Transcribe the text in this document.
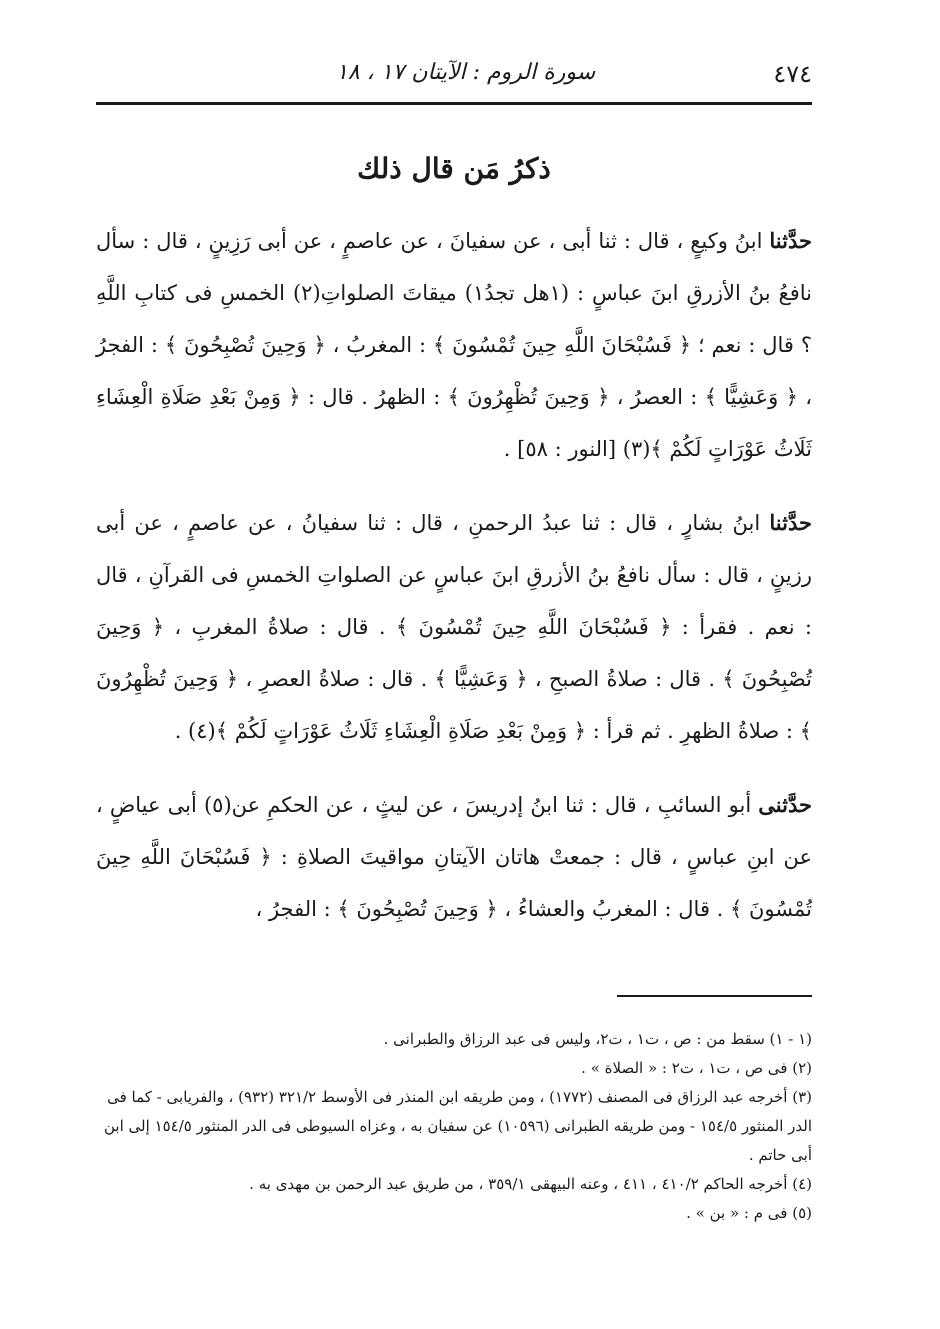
٤٧٤
سورة الروم : الآيتان ١٧ ، ١٨
ذكرُ مَن قال ذلك

حدَّثنا ابنُ وكيعٍ ، قال : ثنا أبى ، عن سفيانَ ، عن عاصمٍ ، عن أبى رَزِينٍ ، قال : سأل نافعُ بنُ الأزرقِ ابنَ عباسٍ : (١هل تجدُ١) ميقاتَ الصلواتِ(٢) الخمسِ فى كتابِ اللَّهِ ؟ قال : نعم ؛ ﴿ فَسُبْحَانَ اللَّهِ حِينَ تُمْسُونَ ﴾ : المغربُ ، ﴿ وَحِينَ تُصْبِحُونَ ﴾ : الفجرُ ، ﴿ وَعَشِيًّا ﴾ : العصرُ ، ﴿ وَحِينَ تُظْهِرُونَ ﴾ : الظهرُ . قال : ﴿ وَمِنْ بَعْدِ صَلَاةِ الْعِشَاءِ ثَلَاثُ عَوْرَاتٍ لَكُمْ ﴾(٣) [النور : ٥٨] .

حدَّثنا ابنُ بشارٍ ، قال : ثنا عبدُ الرحمنِ ، قال : ثنا سفيانُ ، عن عاصمٍ ، عن أبى رزينٍ ، قال : سأل نافعُ بنُ الأزرقِ ابنَ عباسٍ عن الصلواتِ الخمسِ فى القرآنِ ، قال : نعم . فقرأ : ﴿ فَسُبْحَانَ اللَّهِ حِينَ تُمْسُونَ ﴾ . قال : صلاةُ المغربِ ، ﴿ وَحِينَ تُصْبِحُونَ ﴾ . قال : صلاةُ الصبحِ ، ﴿ وَعَشِيًّا ﴾ . قال : صلاةُ العصرِ ، ﴿ وَحِينَ تُظْهِرُونَ ﴾ : صلاةُ الظهرِ . ثم قرأ : ﴿ وَمِنْ بَعْدِ صَلَاةِ الْعِشَاءِ ثَلَاثُ عَوْرَاتٍ لَكُمْ ﴾(٤) .

حدَّثنى أبو السائبِ ، قال : ثنا ابنُ إدريسَ ، عن ليثٍ ، عن الحكمِ عن(٥) أبى عياضٍ ، عن ابنِ عباسٍ ، قال : جمعتْ هاتان الآيتانِ مواقيتَ الصلاةِ : ﴿ فَسُبْحَانَ اللَّهِ حِينَ تُمْسُونَ ﴾ . قال : المغربُ والعشاءُ ، ﴿ وَحِينَ تُصْبِحُونَ ﴾ : الفجرُ ،

(١ - ١) سقط من : ص ، ت١ ، ت٢، وليس فى عبد الرزاق والطبرانى .

(٢) فى ص ، ت١ ، ت٢ : « الصلاة » .

(٣) أخرجه عبد الرزاق فى المصنف (١٧٧٢) ، ومن طريقه ابن المنذر فى الأوسط ٣٢١/٢ (٩٣٢) ، والفريابى - كما فى الدر المنثور ١٥٤/٥ - ومن طريقه الطبرانى (١٠٥٩٦) عن سفيان به ، وعزاه السيوطى فى الدر المنثور ١٥٤/٥ إلى ابن أبى حاتم .

(٤) أخرجه الحاكم ٤١٠/٢ ، ٤١١ ، وعنه البيهقى ٣٥٩/١ ، من طريق عبد الرحمن بن مهدى به .

(٥) فى م : « بن » .
